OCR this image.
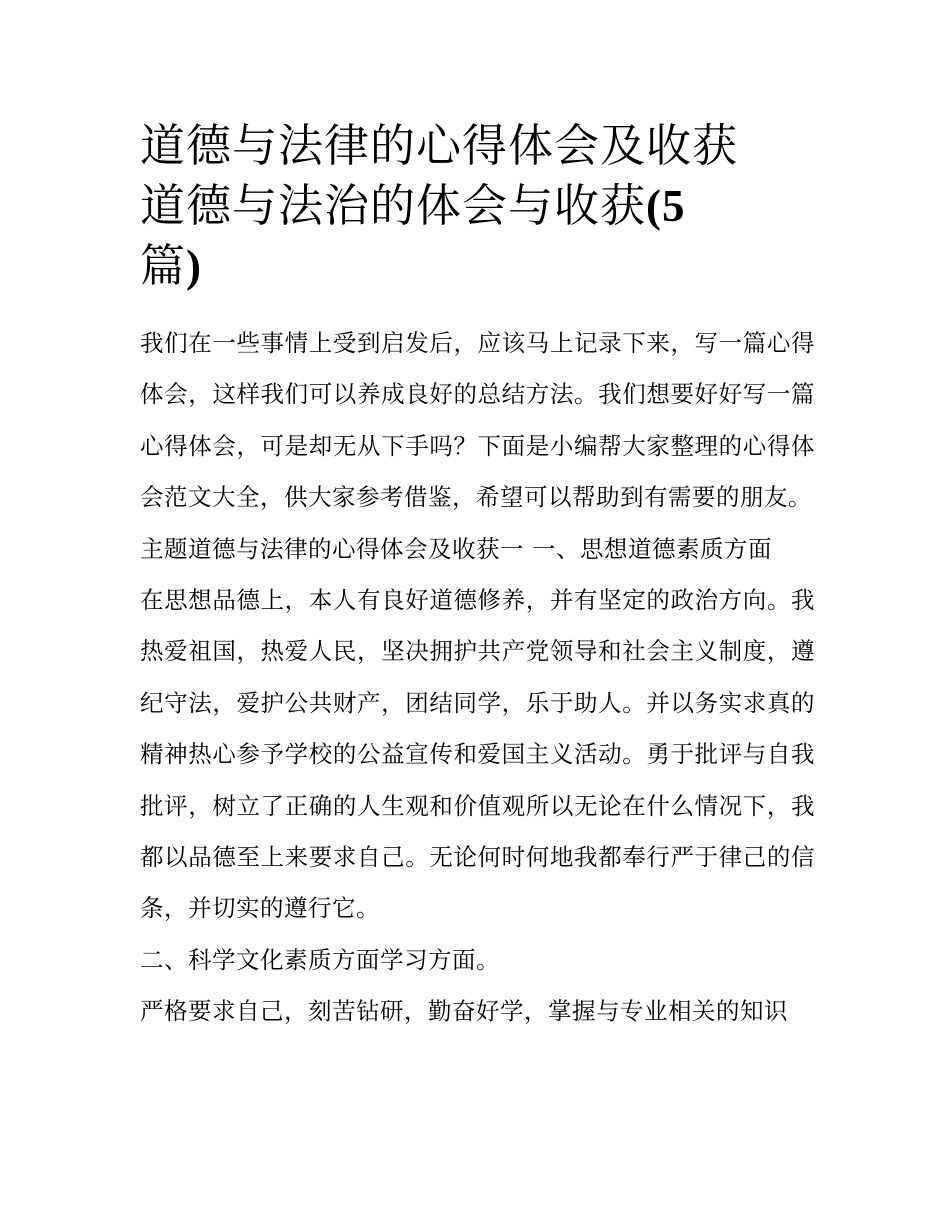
道德与法律的心得体会及收获
道德与法治的体会与收获(5
篇)

我们在一些事情上受到启发后，应该马上记录下来，写一篇心得体会，这样我们可以养成良好的总结方法。我们想要好好写一篇心得体会，可是却无从下手吗？下面是小编帮大家整理的心得体会范文大全，供大家参考借鉴，希望可以帮助到有需要的朋友。

主题道德与法律的心得体会及收获一 一、思想道德素质方面

在思想品德上，本人有良好道德修养，并有坚定的政治方向。我热爱祖国，热爱人民，坚决拥护共产党领导和社会主义制度，遵纪守法，爱护公共财产，团结同学，乐于助人。并以务实求真的精神热心参予学校的公益宣传和爱国主义活动。勇于批评与自我批评，树立了正确的人生观和价值观所以无论在什么情况下，我都以品德至上来要求自己。无论何时何地我都奉行严于律己的信条，并切实的遵行它。

二、科学文化素质方面学习方面。

严格要求自己，刻苦钻研，勤奋好学，掌握与专业相关的知识
